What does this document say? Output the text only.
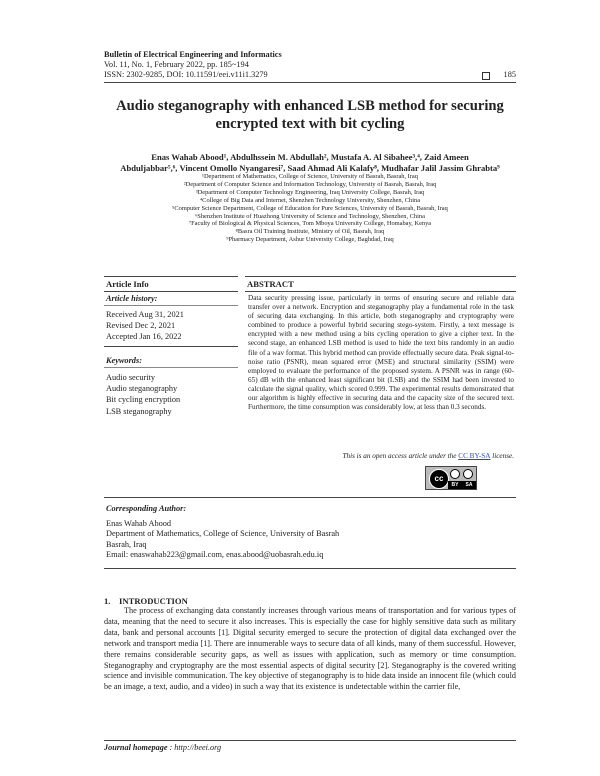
Bulletin of Electrical Engineering and Informatics
Vol. 11, No. 1, February 2022, pp. 185~194
ISSN: 2302-9285, DOI: 10.11591/eei.v11i1.3279	185
Audio steganography with enhanced LSB method for securing encrypted text with bit cycling
Enas Wahab Abood¹, Abdulhssein M. Abdullah², Mustafa A. Al Sibahee³,⁴, Zaid Ameen
Abduljabbar⁵,⁶, Vincent Omollo Nyangaresi⁷, Saad Ahmad Ali Kalafy⁸, Mudhafar Jalil Jassim Ghrabta⁹
¹Department of Mathematics, College of Science, University of Basrah, Basrah, Iraq
²Department of Computer Science and Information Technology, University of Basrah, Basrah, Iraq
³Department of Computer Technology Engineering, Iraq University College, Basrah, Iraq
⁴College of Big Data and Internet, Shenzhen Technology University, Shenzhen, China
⁵Computer Science Department, College of Education for Pure Sciences, University of Basrah, Basrah, Iraq
⁶Shenzhen Institute of Huazhong University of Science and Technology, Shenzhen, China
⁷Faculty of Biological & Physical Sciences, Tom Mboya University College, Homabay, Kenya
⁸Basra Oil Training Institute, Ministry of Oil, Basrah, Iraq
⁹Pharmacy Department, Ashur University College, Baghdad, Iraq
Article Info	ABSTRACT
Article history:
Received Aug 31, 2021
Revised Dec 2, 2021
Accepted Jan 16, 2022
Keywords:
Audio security
Audio steganography
Bit cycling encryption
LSB steganography
Data security pressing issue, particularly in terms of ensuring secure and reliable data transfer over a network. Encryption and steganography play a fundamental role in the task of securing data exchanging. In this article, both steganography and cryptography were combined to produce a powerful hybrid securing stego-system. Firstly, a text message is encrypted with a new method using a bits cycling operation to give a cipher text. In the second stage, an enhanced LSB method is used to hide the text bits randomly in an audio file of a wav format. This hybrid method can provide effectually secure data. Peak signal-to-noise ratio (PSNR), mean squared error (MSE) and structural similarity (SSIM) were employed to evaluate the performance of the proposed system. A PSNR was in range (60-65) dB with the enhanced least significant bit (LSB) and the SSIM had been invested to calculate the signal quality, which scored 0.999. The experimental results demonstrated that our algorithm is highly effective in securing data and the capacity size of the secured text. Furthermore, the time consumption was considerably low, at less than 0.3 seconds.
This is an open access article under the CC BY-SA license.
cc
BY SA
Corresponding Author:
Enas Wahab Abood
Department of Mathematics, College of Science, University of Basrah
Basrah, Iraq
Email: enaswahab223@gmail.com, enas.abood@uobasrah.edu.iq
1.    INTRODUCTION
The process of exchanging data constantly increases through various means of transportation and for various types of data, meaning that the need to secure it also increases. This is especially the case for highly sensitive data such as military data, bank and personal accounts [1]. Digital security emerged to secure the protection of digital data exchanged over the network and transport media [1]. There are innumerable ways to secure data of all kinds, many of them successful. However, there remains considerable security gaps, as well as issues with application, such as memory or time consumption. Steganography and cryptography are the most essential aspects of digital security [2]. Steganography is the covered writing science and invisible communication. The key objective of steganography is to hide data inside an innocent file (which could be an image, a text, audio, and a video) in such a way that its existence is undetectable within the carrier file,
Journal homepage : http://beei.org
